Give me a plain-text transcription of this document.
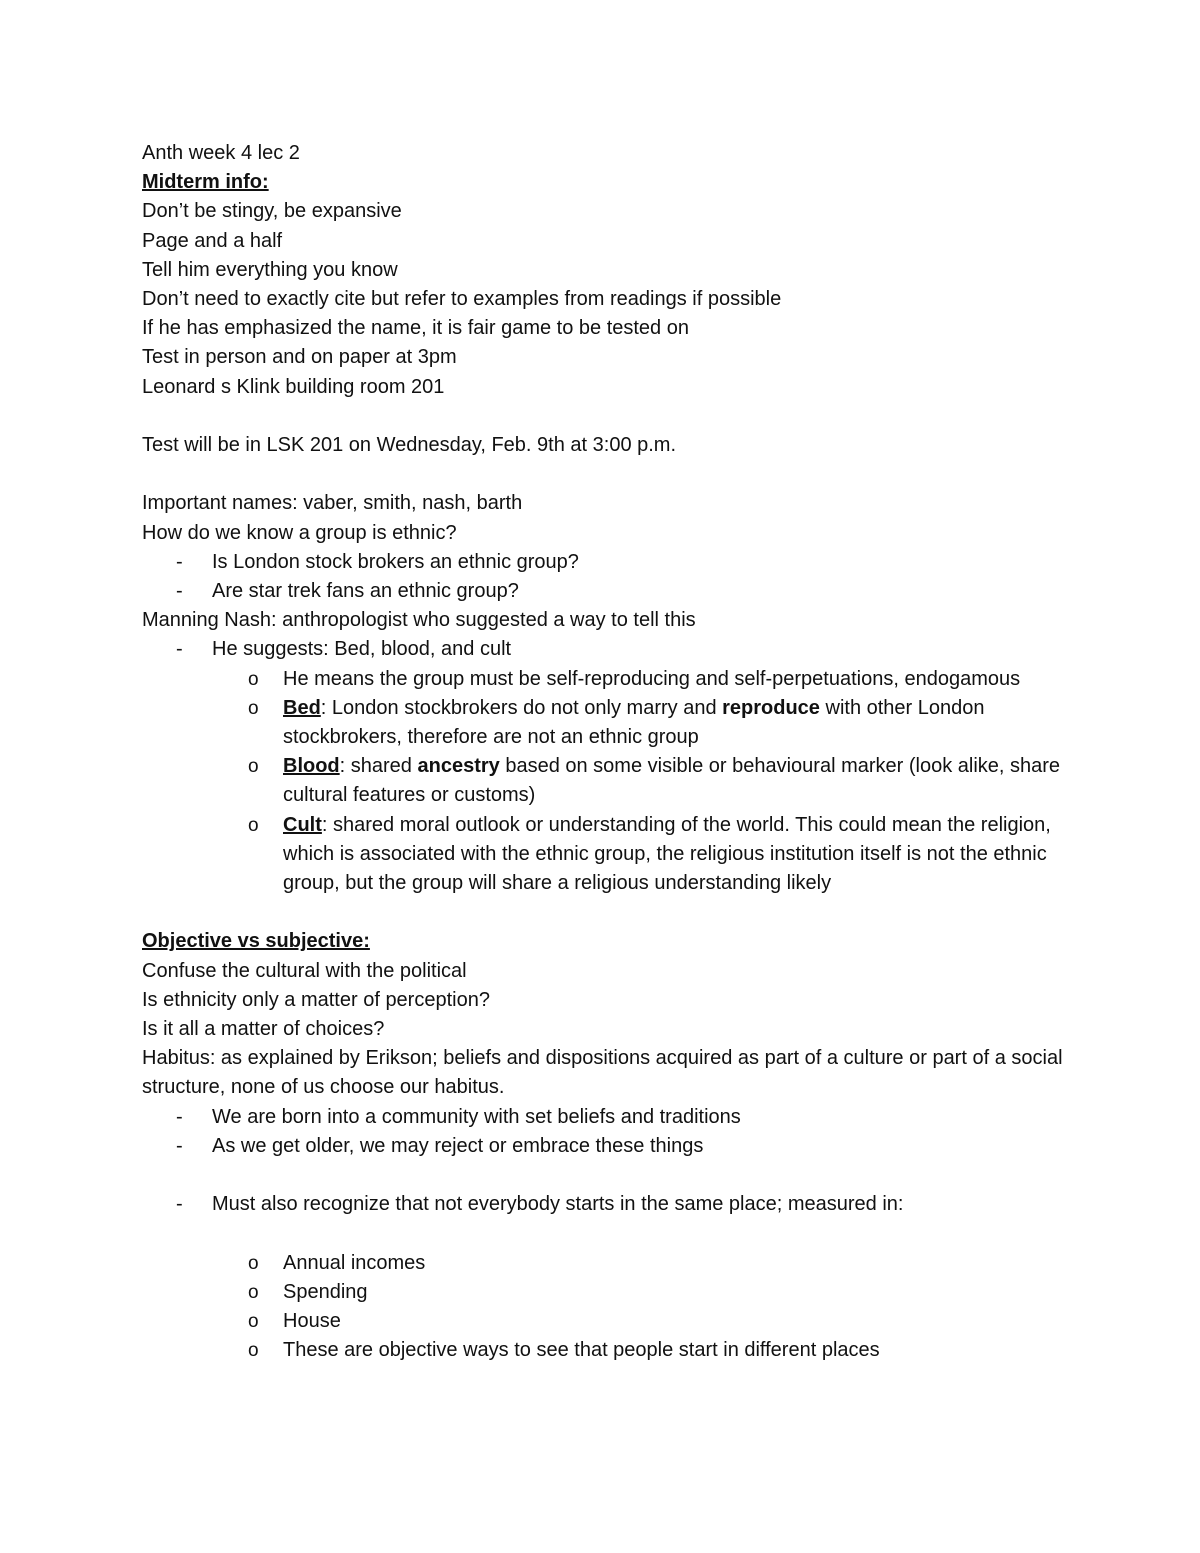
Anth week 4 lec 2
Midterm info:
Don’t be stingy, be expansive
Page and a half
Tell him everything you know
Don’t need to exactly cite but refer to examples from readings if possible
If he has emphasized the name, it is fair game to be tested on
Test in person and on paper at 3pm
Leonard s Klink building room 201
Test will be in LSK 201 on Wednesday, Feb. 9th at 3:00 p.m.
Important names: vaber, smith, nash, barth
How do we know a group is ethnic?
- Is London stock brokers an ethnic group?
- Are star trek fans an ethnic group?
Manning Nash: anthropologist who suggested a way to tell this
- He suggests: Bed, blood, and cult
o He means the group must be self-reproducing and self-perpetuations, endogamous
o Bed: London stockbrokers do not only marry and reproduce with other London stockbrokers, therefore are not an ethnic group
o Blood: shared ancestry based on some visible or behavioural marker (look alike, share cultural features or customs)
o Cult: shared moral outlook or understanding of the world. This could mean the religion, which is associated with the ethnic group, the religious institution itself is not the ethnic group, but the group will share a religious understanding likely
Objective vs subjective:
Confuse the cultural with the political
Is ethnicity only a matter of perception?
Is it all a matter of choices?
Habitus: as explained by Erikson; beliefs and dispositions acquired as part of a culture or part of a social structure, none of us choose our habitus.
- We are born into a community with set beliefs and traditions
- As we get older, we may reject or embrace these things
- Must also recognize that not everybody starts in the same place; measured in:
o Annual incomes
o Spending
o House
o These are objective ways to see that people start in different places
